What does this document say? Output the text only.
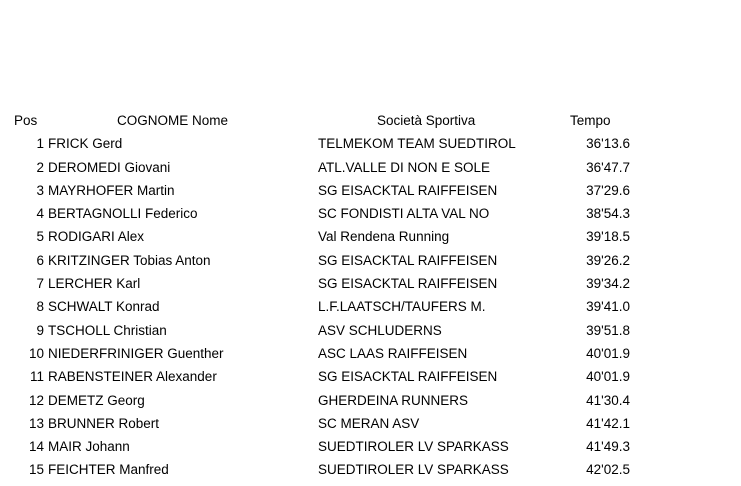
Pos	COGNOME Nome	Società Sportiva	Tempo
1 FRICK Gerd	TELMEKOM TEAM SUEDTIROL	36'13.6
2 DEROMEDI Giovani	ATL.VALLE DI NON E SOLE	36'47.7
3 MAYRHOFER Martin	SG EISACKTAL RAIFFEISEN	37'29.6
4 BERTAGNOLLI Federico	SC FONDISTI ALTA VAL NO	38'54.3
5 RODIGARI Alex	Val Rendena Running	39'18.5
6 KRITZINGER Tobias Anton	SG EISACKTAL RAIFFEISEN	39'26.2
7 LERCHER Karl	SG EISACKTAL RAIFFEISEN	39'34.2
8 SCHWALT Konrad	L.F.LAATSCH/TAUFERS M.	39'41.0
9 TSCHOLL Christian	ASV SCHLUDERNS	39'51.8
10 NIEDERFRINIGER Guenther	ASC LAAS RAIFFEISEN	40'01.9
11 RABENSTEINER Alexander	SG EISACKTAL RAIFFEISEN	40'01.9
12 DEMETZ Georg	GHERDEINA RUNNERS	41'30.4
13 BRUNNER Robert	SC MERAN ASV	41'42.1
14 MAIR Johann	SUEDTIROLER LV SPARKASS	41'49.3
15 FEICHTER Manfred	SUEDTIROLER LV SPARKASS	42'02.5
